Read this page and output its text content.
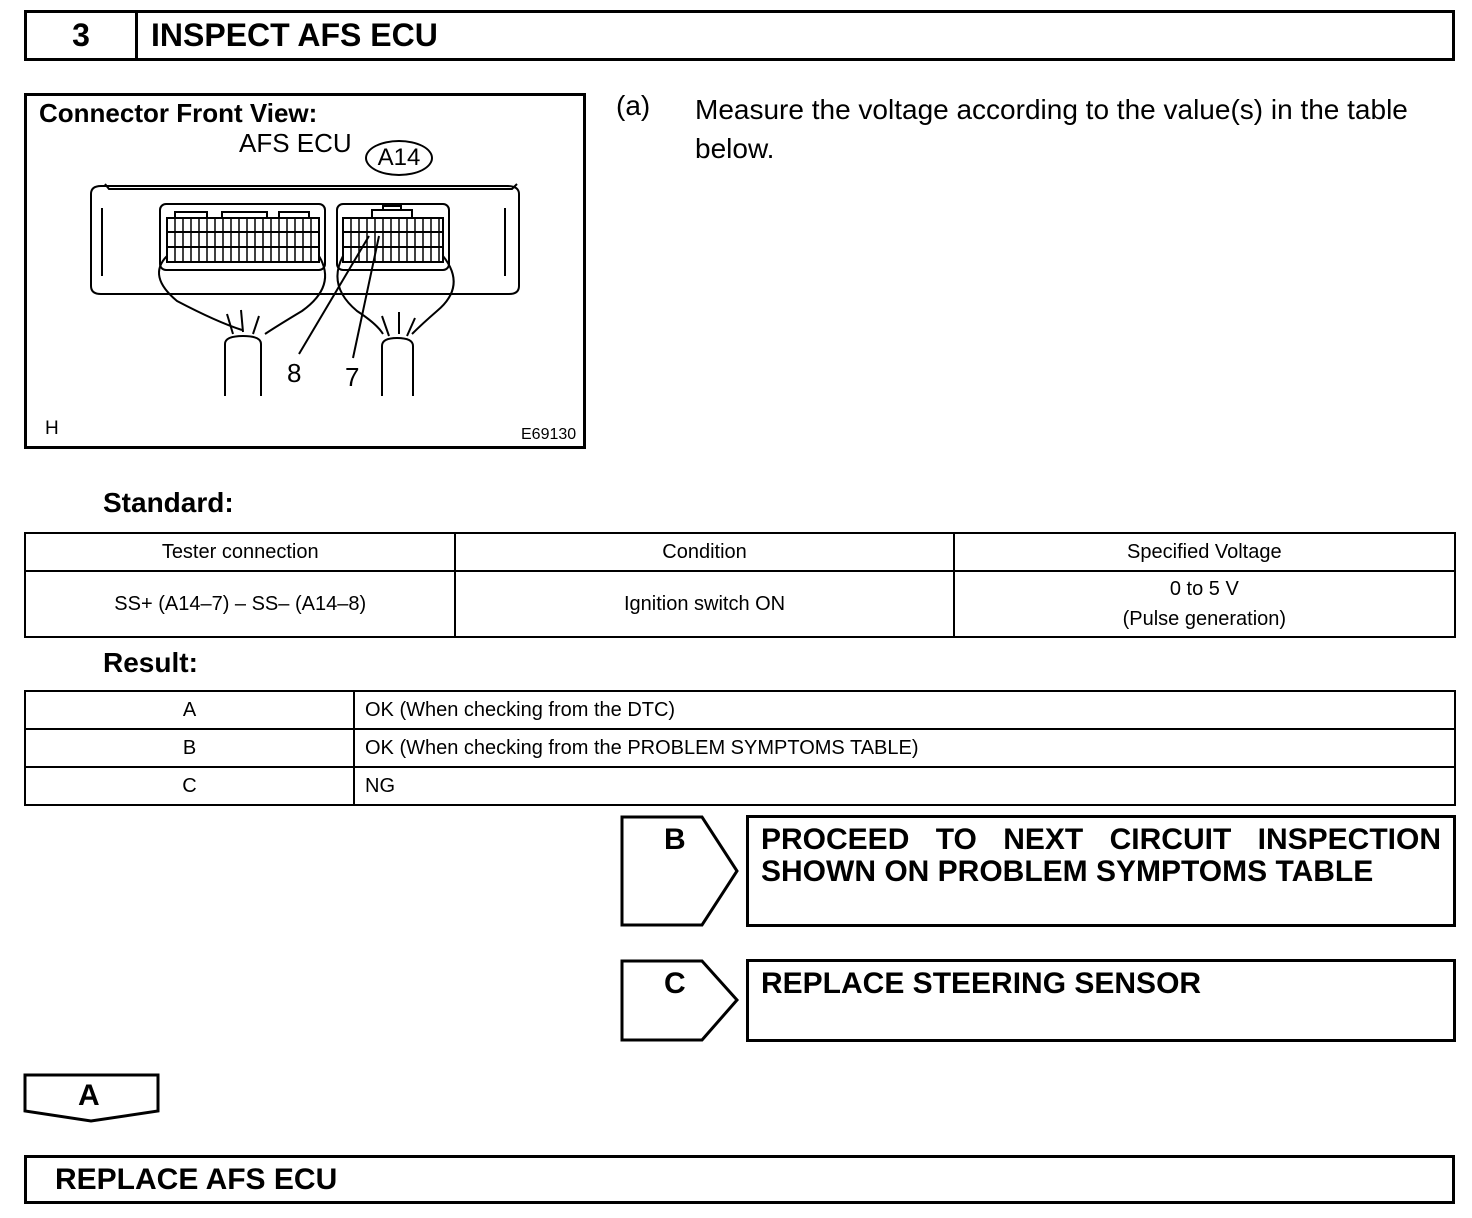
3	INSPECT AFS ECU
Connector Front View:
AFS ECU	A14
8 7
H	E69130
(a) Measure the voltage according to the value(s) in the table below.
Standard:
Tester connection	Condition	Specified Voltage
SS+ (A14–7) – SS– (A14–8)	Ignition switch ON	0 to 5 V
(Pulse generation)
Result:
A	OK (When checking from the DTC)
B	OK (When checking from the PROBLEM SYMPTOMS TABLE)
C	NG
B	PROCEED TO NEXT CIRCUIT INSPECTION SHOWN ON PROBLEM SYMPTOMS TABLE
C	REPLACE STEERING SENSOR
A
REPLACE AFS ECU
